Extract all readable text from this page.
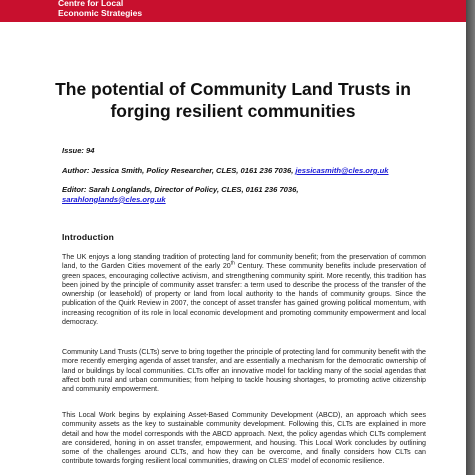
Centre for Local
Economic Strategies
The potential of Community Land Trusts in
forging resilient communities
Issue: 94
Author: Jessica Smith, Policy Researcher, CLES, 0161 236 7036, jessicasmith@cles.org.uk
Editor: Sarah Longlands, Director of Policy, CLES, 0161 236 7036,
sarahlonglands@cles.org.uk
Introduction
The UK enjoys a long standing tradition of protecting land for community benefit; from the preservation of common land, to the Garden Cities movement of the early 20th Century. These community benefits include preservation of green spaces, encouraging collective activism, and strengthening community spirit. More recently, this tradition has been joined by the principle of community asset transfer: a term used to describe the process of the transfer of the ownership (or leasehold) of property or land from local authority to the hands of community groups. Since the publication of the Quirk Review in 2007, the concept of asset transfer has gained growing political momentum, with increasing recognition of its role in local economic development and promoting community empowerment and local democracy.
Community Land Trusts (CLTs) serve to bring together the principle of protecting land for community benefit with the more recently emerging agenda of asset transfer, and are essentially a mechanism for the democratic ownership of land or buildings by local communities. CLTs offer an innovative model for tackling many of the social agendas that affect both rural and urban communities; from helping to tackle housing shortages, to promoting active citizenship and community empowerment.
This Local Work begins by explaining Asset-Based Community Development (ABCD), an approach which sees community assets as the key to sustainable community development. Following this, CLTs are explained in more detail and how the model corresponds with the ABCD approach. Next, the policy agendas which CLTs complement are considered, honing in on asset transfer, empowerment, and housing. This Local Work concludes by outlining some of the challenges around CLTs, and how they can be overcome, and finally considers how CLTs can contribute towards forging resilient local communities, drawing on CLES' model of economic resilience.
